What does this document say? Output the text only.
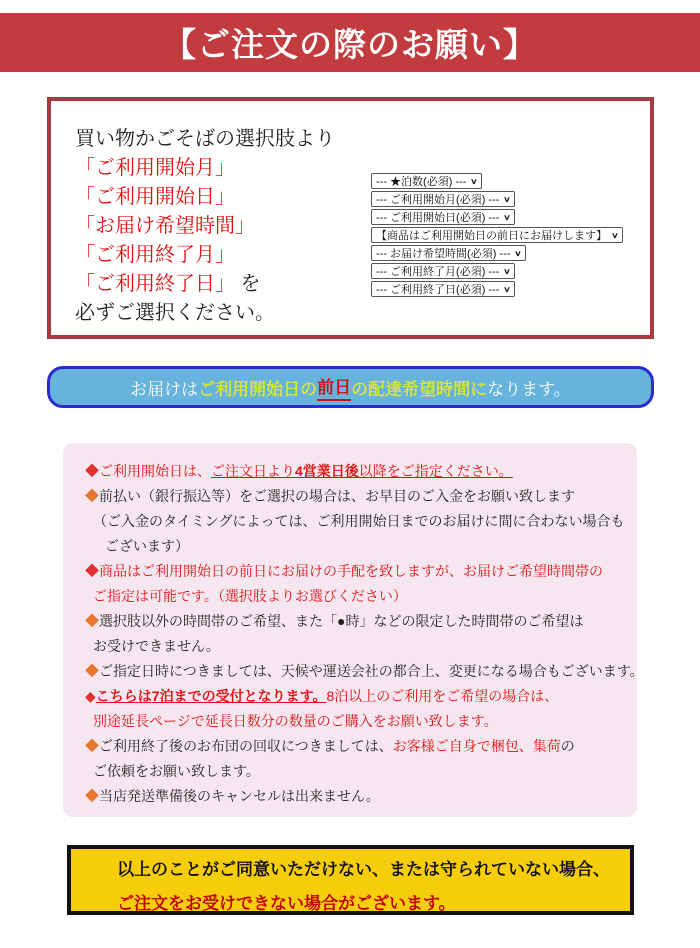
【ご注文の際のお願い】
買い物かごそばの選択肢より
「ご利用開始月」
「ご利用開始日」
「お届け希望時間」
「ご利用終了月」
「ご利用終了日」 を
必ずご選択ください。
--- ★泊数(必須) --- ∨
--- ご利用開始月(必須) --- ∨
--- ご利用開始日(必須) --- ∨
【商品はご利用開始日の前日にお届けします】 ∨
--- お届け希望時間(必須) --- ∨
--- ご利用終了月(必須) --- ∨
--- ご利用終了日(必須) --- ∨
お届けは ご利用開始日の 前日 の配達希望時間に なります。
◆ご利用開始日は、ご注文日より4営業日後以降をご指定ください。
◆前払い（銀行振込等）をご選択の場合は、お早目のご入金をお願い致します
（ご入金のタイミングによっては、ご利用開始日までのお届けに間に合わない場合も
ございます）
◆商品はご利用開始日の前日にお届けの手配を致しますが、お届けご希望時間帯の
ご指定は可能です。（選択肢よりお選びください）
◆選択肢以外の時間帯のご希望、また「●時」などの限定した時間帯のご希望は
お受けできません。
◆ご指定日時につきましては、天候や運送会社の都合上、変更になる場合もございます。
◆こちらは7泊までの受付となります。8泊以上のご利用をご希望の場合は、
別途延長ページで延長日数分の数量のご購入をお願い致します。
◆ご利用終了後のお布団の回収につきましては、お客様ご自身で梱包、集荷の
ご依頼をお願い致します。
◆当店発送準備後のキャンセルは出来ません。
以上のことがご同意いただけない、または守られていない場合、
ご注文をお受けできない場合がございます。
